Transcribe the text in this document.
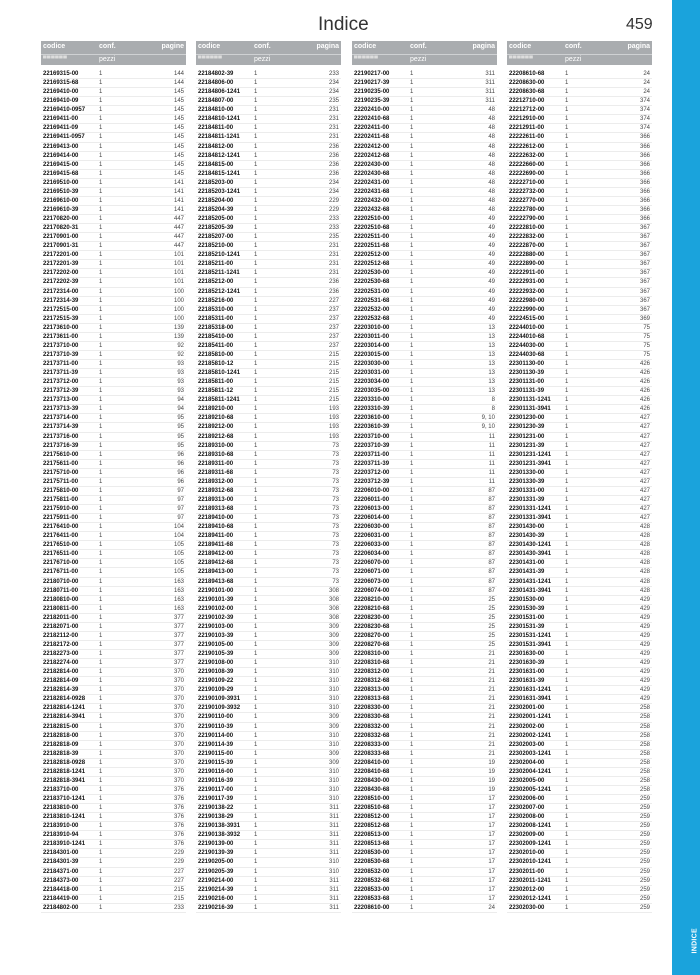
Indice	459
INDICE
codice	conf.	pagine
▀▀▀▀▀▀	pezzi
22169315-00	1	144
22169315-68	1	144
22169410-00	1	145
22169410-09	1	145
22169410-0957 1	145
22169411-00	1	145
22169411-09	1	145
22169411-0957 1	145
22169413-00	1	145
22169414-00	1	145
22169415-00	1	145
22169415-68	1	145
22169510-00	1	141
22169510-39	1	141
22169610-00	1	141
22169610-39	1	141
22170820-00	1	447
22170820-31	1	447
22170901-00	1	447
22170901-31	1	447
22172201-00	1	101
22172201-39	1	101
22172202-00	1	101
22172202-39	1	101
22172314-00	1	100
22172314-39	1	100
22172515-00	1	100
22172515-39	1	100
22173610-00	1	139
22173611-00	1	139
22173710-00	1	92
22173710-39	1	92
22173711-00	1	93
22173711-39	1	93
22173712-00	1	93
22173712-39	1	93
22173713-00	1	94
22173713-39	1	94
22173714-00	1	95
22173714-39	1	95
22173716-00	1	95
22173716-39	1	95
22175610-00	1	96
22175611-00	1	96
22175710-00	1	96
22175711-00	1	96
22175810-00	1	97
22175811-00	1	97
22175910-00	1	97
22175911-00	1	97
22176410-00	1	104
22176411-00	1	104
22176510-00	1	105
22176511-00	1	105
22176710-00	1	105
22176711-00	1	105
22180710-00	1	163
22180711-00	1	163
22180810-00	1	163
22180811-00	1	163
22182011-00	1	377
22182071-00	1	377
22182112-00	1	377
22182172-00	1	377
22182273-00	1	377
22182274-00	1	377
22182814-00	1	370
22182814-09	1	370
22182814-39	1	370
22182814-0928 1	370
22182814-1241 1	370
22182814-3941 1	370
22182815-00	1	370
22182818-00	1	370
22182818-09	1	370
22182818-39	1	370
22182818-0928 1	370
22182818-1241 1	370
22182818-3941 1	370
22183710-00	1	376
22183710-1241 1	376
22183810-00	1	376
22183810-1241 1	376
22183910-00	1	376
22183910-94	1	376
22183910-1241 1	376
22184301-00	1	229
22184301-39	1	229
22184371-00	1	227
22184373-00	1	227
22184418-00	1	215
22184419-00	1	215
22184802-00	1	233
codice	conf.	pagina
▀▀▀▀▀▀	pezzi
22184802-39	1	233
22184806-00	1	234
22184806-1241 1	234
22184807-00	1	235
22184810-00	1	231
22184810-1241 1	231
22184811-00	1	231
22184811-1241 1	231
22184812-00	1	236
22184812-1241 1	236
22184815-00	1	236
22184815-1241 1	236
22185203-00	1	234
22185203-1241 1	234
22185204-00	1	229
22185204-39	1	229
22185205-00	1	233
22185205-39	1	233
22185207-00	1	235
22185210-00	1	231
22185210-1241 1	231
22185211-00	1	231
22185211-1241 1	231
22185212-00	1	236
22185212-1241 1	236
22185216-00	1	227
22185310-00	1	237
22185311-00	1	237
22185318-00	1	237
22185410-00	1	237
22185411-00	1	237
22185810-00	1	215
22185810-12	1	215
22185810-1241 1	215
22185811-00	1	215
22185811-12	1	215
22185811-1241 1	215
22189210-00	1	193
22189210-68	1	193
22189212-00	1	193
22189212-68	1	193
22189310-00	1	73
22189310-68	1	73
22189311-00	1	73
22189311-68	1	73
22189312-00	1	73
22189312-68	1	73
22189313-00	1	73
22189313-68	1	73
22189410-00	1	73
22189410-68	1	73
22189411-00	1	73
22189411-68	1	73
22189412-00	1	73
22189412-68	1	73
22189413-00	1	73
22189413-68	1	73
22190101-00	1	308
22190101-39	1	308
22190102-00	1	308
22190102-39	1	308
22190103-00	1	309
22190103-39	1	309
22190105-00	1	309
22190105-39	1	309
22190108-00	1	310
22190108-39	1	310
22190109-22	1	310
22190109-29	1	310
22190109-3931 1	310
22190109-3932 1	310
22190110-00	1	309
22190110-39	1	309
22190114-00	1	310
22190114-39	1	310
22190115-00	1	309
22190115-39	1	309
22190116-00	1	310
22190116-39	1	310
22190117-00	1	310
22190117-39	1	310
22190138-22	1	311
22190138-29	1	311
22190138-3931 1	311
22190138-3932 1	311
22190139-00	1	311
22190139-39	1	311
22190205-00	1	310
22190205-39	1	310
22190214-00	1	311
22190214-39	1	311
22190216-00	1	311
22190216-39	1	311
codice	conf.	pagina
▀▀▀▀▀▀	pezzi
22190217-00	1	311
22190217-39	1	311
22190235-00	1	311
22190235-39	1	311
22202410-00	1	48
22202410-68	1	48
22202411-00	1	48
22202411-68	1	48
22202412-00	1	48
22202412-68	1	48
22202430-00	1	48
22202430-68	1	48
22202431-00	1	48
22202431-68	1	48
22202432-00	1	48
22202432-68	1	48
22202510-00	1	49
22202510-68	1	49
22202511-00	1	49
22202511-68	1	49
22202512-00	1	49
22202512-68	1	49
22202530-00	1	49
22202530-68	1	49
22202531-00	1	49
22202531-68	1	49
22202532-00	1	49
22202532-68	1	49
22203010-00	1	13
22203011-00	1	13
22203014-00	1	13
22203015-00	1	13
22203030-00	1	13
22203031-00	1	13
22203034-00	1	13
22203035-00	1	13
22203310-00	1	8
22203310-39	1	8
22203610-00	1	9, 10
22203610-39	1	9, 10
22203710-00	1	11
22203710-39	1	11
22203711-00	1	11
22203711-39	1	11
22203712-00	1	11
22203712-39	1	11
22206010-00	1	87
22206011-00	1	87
22206013-00	1	87
22206014-00	1	87
22206030-00	1	87
22206031-00	1	87
22206033-00	1	87
22206034-00	1	87
22206070-00	1	87
22206071-00	1	87
22206073-00	1	87
22206074-00	1	87
22208210-00	1	25
22208210-68	1	25
22208230-00	1	25
22208230-68	1	25
22208270-00	1	25
22208270-68	1	25
22208310-00	1	21
22208310-68	1	21
22208312-00	1	21
22208312-68	1	21
22208313-00	1	21
22208313-68	1	21
22208330-00	1	21
22208330-68	1	21
22208332-00	1	21
22208332-68	1	21
22208333-00	1	21
22208333-68	1	21
22208410-00	1	19
22208410-68	1	19
22208430-00	1	19
22208430-68	1	19
22208510-00	1	17
22208510-68	1	17
22208512-00	1	17
22208512-68	1	17
22208513-00	1	17
22208513-68	1	17
22208530-00	1	17
22208530-68	1	17
22208532-00	1	17
22208532-68	1	17
22208533-00	1	17
22208533-68	1	17
22208610-00	1	24
codice	conf.	pagina
▀▀▀▀▀▀	pezzi
22208610-68	1	24
22208630-00	1	24
22208630-68	1	24
22212710-00	1	374
22212712-00	1	374
22212910-00	1	374
22212911-00	1	374
22222611-00	1	366
22222612-00	1	366
22222632-00	1	366
22222660-00	1	366
22222690-00	1	366
22222710-00	1	366
22222732-00	1	366
22222770-00	1	366
22222780-00	1	366
22222790-00	1	366
22222810-00	1	367
22222832-00	1	367
22222870-00	1	367
22222880-00	1	367
22222890-00	1	367
22222911-00	1	367
22222931-00	1	367
22222932-00	1	367
22222980-00	1	367
22222990-00	1	367
22224515-00	1	369
22244010-00	1	75
22244010-68	1	75
22244030-00	1	75
22244030-68	1	75
22301130-00	1	426
22301130-39	1	426
22301131-00	1	426
22301131-39	1	426
22301131-1241 1	426
22301131-3941 1	426
22301230-00	1	427
22301230-39	1	427
22301231-00	1	427
22301231-39	1	427
22301231-1241 1	427
22301231-3941 1	427
22301330-00	1	427
22301330-39	1	427
22301331-00	1	427
22301331-39	1	427
22301331-1241 1	427
22301331-3941 1	427
22301430-00	1	428
22301430-39	1	428
22301430-1241 1	428
22301430-3941 1	428
22301431-00	1	428
22301431-39	1	428
22301431-1241 1	428
22301431-3941 1	428
22301530-00	1	429
22301530-39	1	429
22301531-00	1	429
22301531-39	1	429
22301531-1241 1	429
22301531-3941 1	429
22301630-00	1	429
22301630-39	1	429
22301631-00	1	429
22301631-39	1	429
22301631-1241 1	429
22301631-3941 1	429
22302001-00	1	258
22302001-1241 1	258
22302002-00	1	258
22302002-1241 1	258
22302003-00	1	258
22302003-1241 1	258
22302004-00	1	258
22302004-1241 1	258
22302005-00	1	258
22302005-1241 1	258
22302006-00	1	259
22302007-00	1	259
22302008-00	1	259
22302008-1241 1	259
22302009-00	1	259
22302009-1241 1	259
22302010-00	1	259
22302010-1241 1	259
22302011-00	1	259
22302011-1241 1	259
22302012-00	1	259
22302012-1241 1	259
22302030-00	1	259
